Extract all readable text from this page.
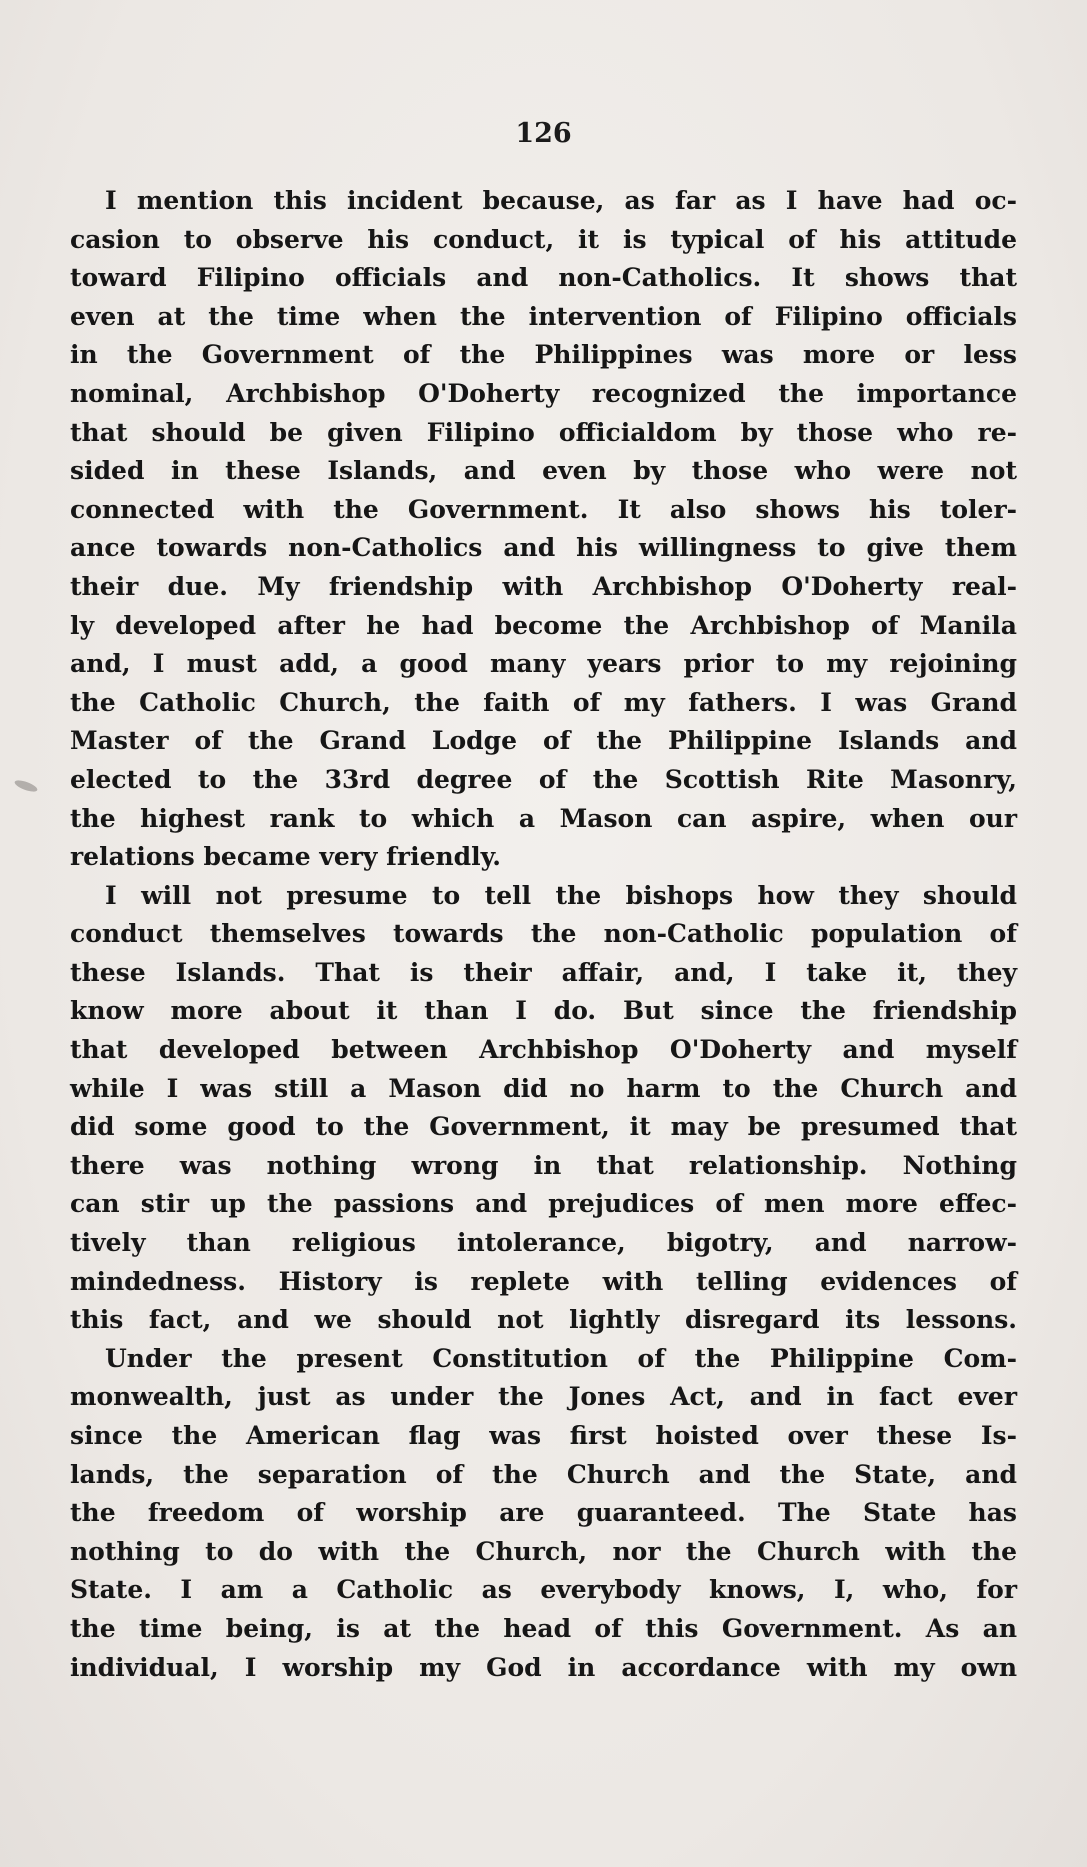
126
I mention this incident because, as far as I have had oc-
casion to observe his conduct, it is typical of his attitude
toward Filipino officials and non-Catholics. It shows that
even at the time when the intervention of Filipino officials
in the Government of the Philippines was more or less
nominal, Archbishop O'Doherty recognized the importance
that should be given Filipino officialdom by those who re-
sided in these Islands, and even by those who were not
connected with the Government. It also shows his toler-
ance towards non-Catholics and his willingness to give them
their due. My friendship with Archbishop O'Doherty real-
ly developed after he had become the Archbishop of Manila
and, I must add, a good many years prior to my rejoining
the Catholic Church, the faith of my fathers. I was Grand
Master of the Grand Lodge of the Philippine Islands and
elected to the 33rd degree of the Scottish Rite Masonry,
the highest rank to which a Mason can aspire, when our
relations became very friendly.
I will not presume to tell the bishops how they should
conduct themselves towards the non-Catholic population of
these Islands. That is their affair, and, I take it, they
know more about it than I do. But since the friendship
that developed between Archbishop O'Doherty and myself
while I was still a Mason did no harm to the Church and
did some good to the Government, it may be presumed that
there was nothing wrong in that relationship. Nothing
can stir up the passions and prejudices of men more effec-
tively than religious intolerance, bigotry, and narrow-
mindedness. History is replete with telling evidences of
this fact, and we should not lightly disregard its lessons.
Under the present Constitution of the Philippine Com-
monwealth, just as under the Jones Act, and in fact ever
since the American flag was first hoisted over these Is-
lands, the separation of the Church and the State, and
the freedom of worship are guaranteed. The State has
nothing to do with the Church, nor the Church with the
State. I am a Catholic as everybody knows, I, who, for
the time being, is at the head of this Government. As an
individual, I worship my God in accordance with my own
